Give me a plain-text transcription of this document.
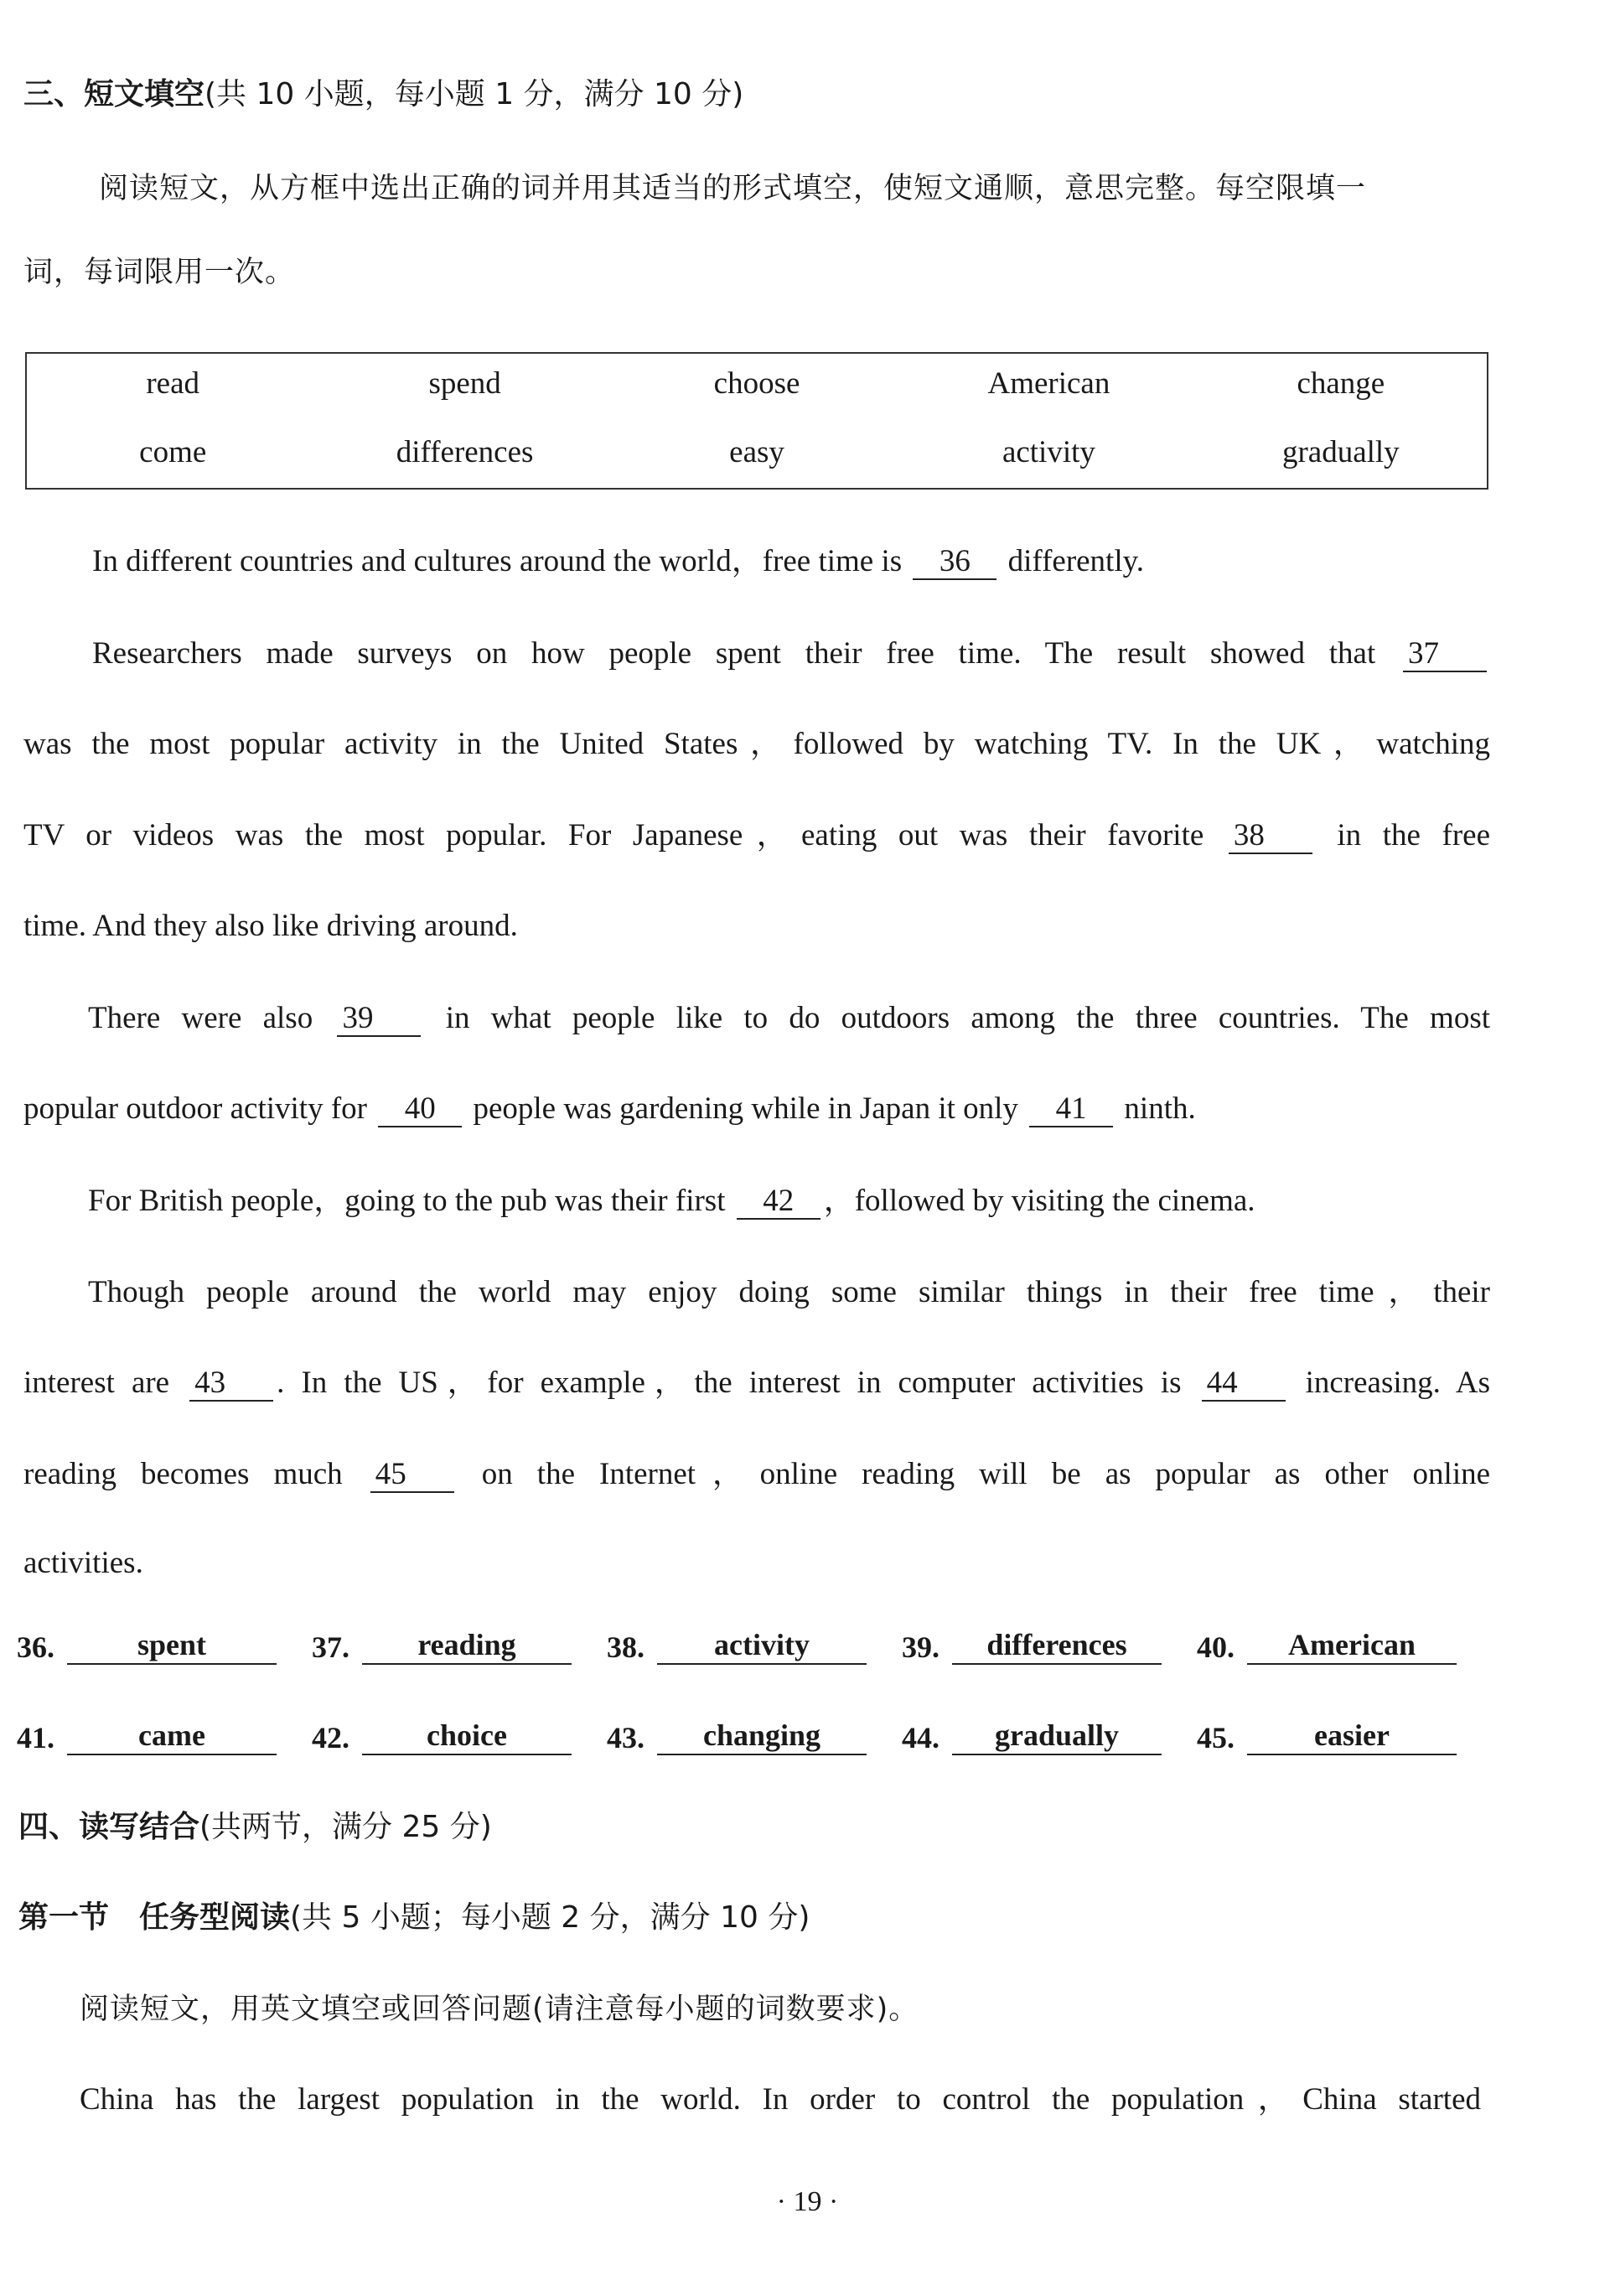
三、短文填空(共 10 小题，每小题 1 分，满分 10 分)
阅读短文，从方框中选出正确的词并用其适当的形式填空，使短文通顺，意思完整。每空限填一
词，每词限用一次。
read	spend	choose	American	change
come	differences	easy	activity	gradually
In different countries and cultures around the world，free time is 36 differently.
Researchers made surveys on how people spent their free time. The result showed that 37
was the most popular activity in the United States，followed by watching TV. In the UK，watching
TV or videos was the most popular. For Japanese，eating out was their favorite 38 in the free
time. And they also like driving around.
There were also 39 in what people like to do outdoors among the three countries. The most
popular outdoor activity for 40 people was gardening while in Japan it only 41 ninth.
For British people，going to the pub was their first 42 ，followed by visiting the cinema.
Though people around the world may enjoy doing some similar things in their free time，their
interest are 43 . In the US，for example，the interest in computer activities is 44 increasing. As
reading becomes much 45 on the Internet，online reading will be as popular as other online
activities.
36.	spent	37.	reading	38.	activity	39.	differences	40.	American
41.	came	42.	choice	43.	changing	44.	gradually	45.	easier
四、读写结合(共两节，满分 25 分)
第一节　任务型阅读(共 5 小题；每小题 2 分，满分 10 分)
阅读短文，用英文填空或回答问题(请注意每小题的词数要求)。
China has the largest population in the world. In order to control the population，China started
· 19 ·
